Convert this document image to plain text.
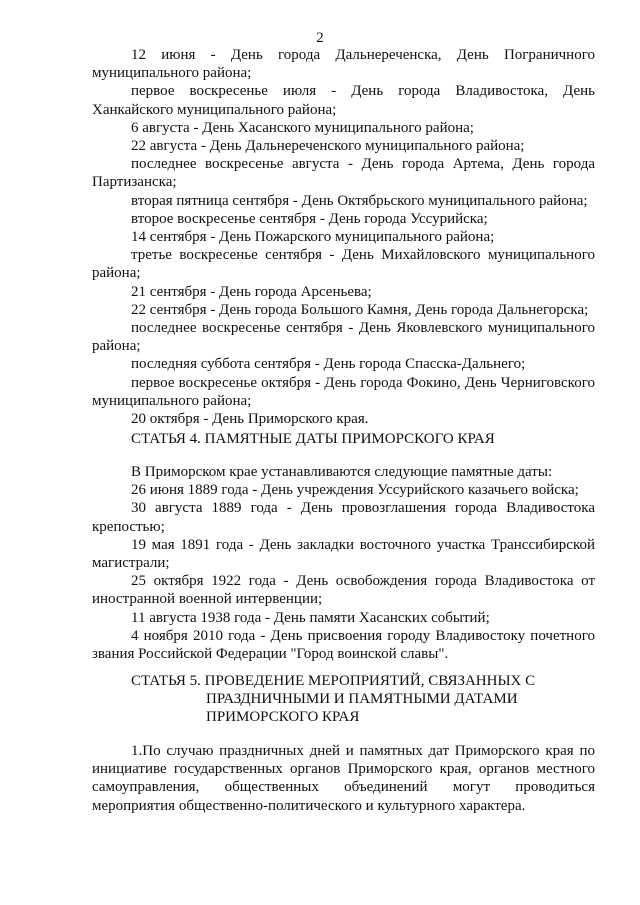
2

12 июня - День города Дальнереченска, День Пограничного муниципального района;

первое воскресенье июля - День города Владивостока, День Ханкайского муниципального района;

6 августа - День Хасанского муниципального района;

22 августа - День Дальнереченского муниципального района;

последнее воскресенье августа - День города Артема, День города Партизанска;

вторая пятница сентября - День Октябрьского муниципального района;

второе воскресенье сентября - День города Уссурийска;

14 сентября - День Пожарского муниципального района;

третье воскресенье сентября - День Михайловского муниципального района;

21 сентября - День города Арсеньева;

22 сентября - День города Большого Камня, День города Дальнегорска;

последнее воскресенье сентября - День Яковлевского муниципального района;

последняя суббота сентября - День города Спасска-Дальнего;

первое воскресенье октября - День города Фокино, День Черниговского муниципального района;

20 октября - День Приморского края.

СТАТЬЯ 4. ПАМЯТНЫЕ ДАТЫ ПРИМОРСКОГО КРАЯ

В Приморском крае устанавливаются следующие памятные даты:

26 июня 1889 года - День учреждения Уссурийского казачьего войска;

30 августа 1889 года - День провозглашения города Владивостока крепостью;

19 мая 1891 года - День закладки восточного участка Транссибирской магистрали;

25 октября 1922 года - День освобождения города Владивостока от иностранной военной интервенции;

11 августа 1938 года - День памяти Хасанских событий;

4 ноября 2010 года - День присвоения городу Владивостоку почетного звания Российской Федерации "Город воинской славы".

СТАТЬЯ 5. ПРОВЕДЕНИЕ МЕРОПРИЯТИЙ, СВЯЗАННЫХ С
ПРАЗДНИЧНЫМИ И ПАМЯТНЫМИ ДАТАМИ
ПРИМОРСКОГО КРАЯ

1.По случаю праздничных дней и памятных дат Приморского края по инициативе государственных органов Приморского края, органов местного самоуправления, общественных объединений могут проводиться мероприятия общественно-политического и культурного характера.
